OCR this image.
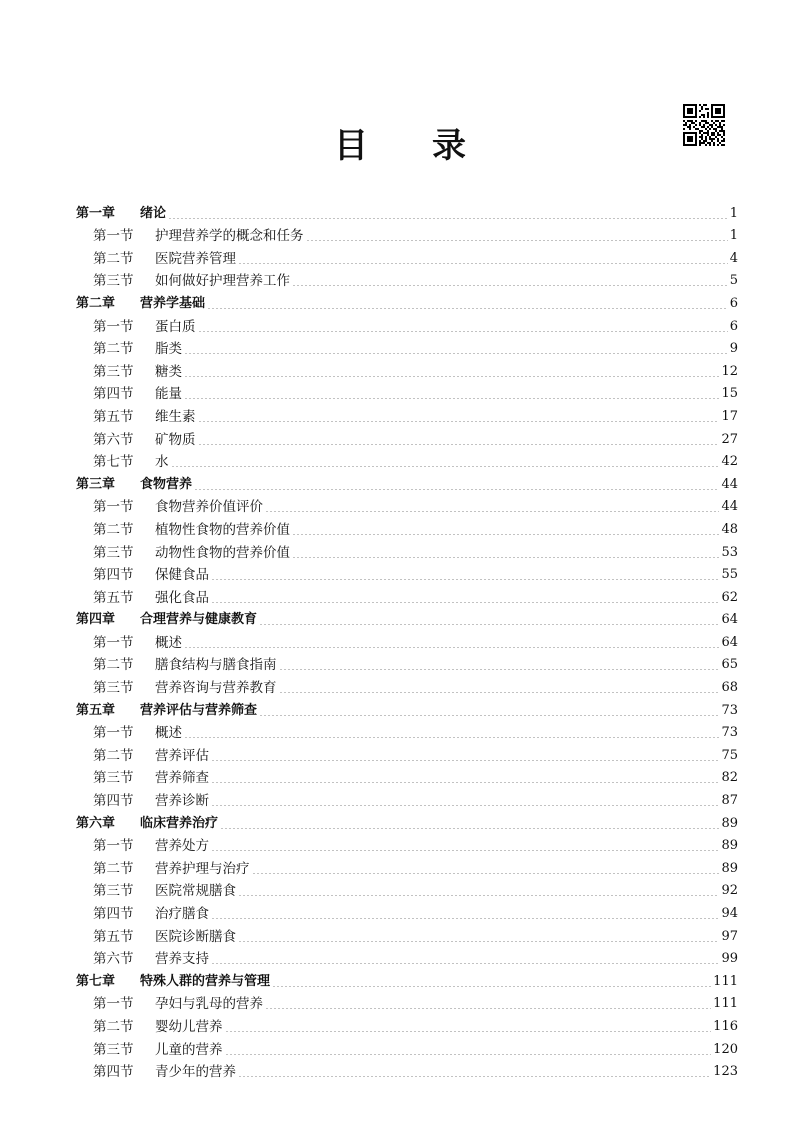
目 录
第一章	绪论	1
第一节	护理营养学的概念和任务	1
第二节	医院营养管理	4
第三节	如何做好护理营养工作	5
第二章	营养学基础	6
第一节	蛋白质	6
第二节	脂类	9
第三节	糖类	12
第四节	能量	15
第五节	维生素	17
第六节	矿物质	27
第七节	水	42
第三章	食物营养	44
第一节	食物营养价值评价	44
第二节	植物性食物的营养价值	48
第三节	动物性食物的营养价值	53
第四节	保健食品	55
第五节	强化食品	62
第四章	合理营养与健康教育	64
第一节	概述	64
第二节	膳食结构与膳食指南	65
第三节	营养咨询与营养教育	68
第五章	营养评估与营养筛查	73
第一节	概述	73
第二节	营养评估	75
第三节	营养筛查	82
第四节	营养诊断	87
第六章	临床营养治疗	89
第一节	营养处方	89
第二节	营养护理与治疗	89
第三节	医院常规膳食	92
第四节	治疗膳食	94
第五节	医院诊断膳食	97
第六节	营养支持	99
第七章	特殊人群的营养与管理	111
第一节	孕妇与乳母的营养	111
第二节	婴幼儿营养	116
第三节	儿童的营养	120
第四节	青少年的营养	123
